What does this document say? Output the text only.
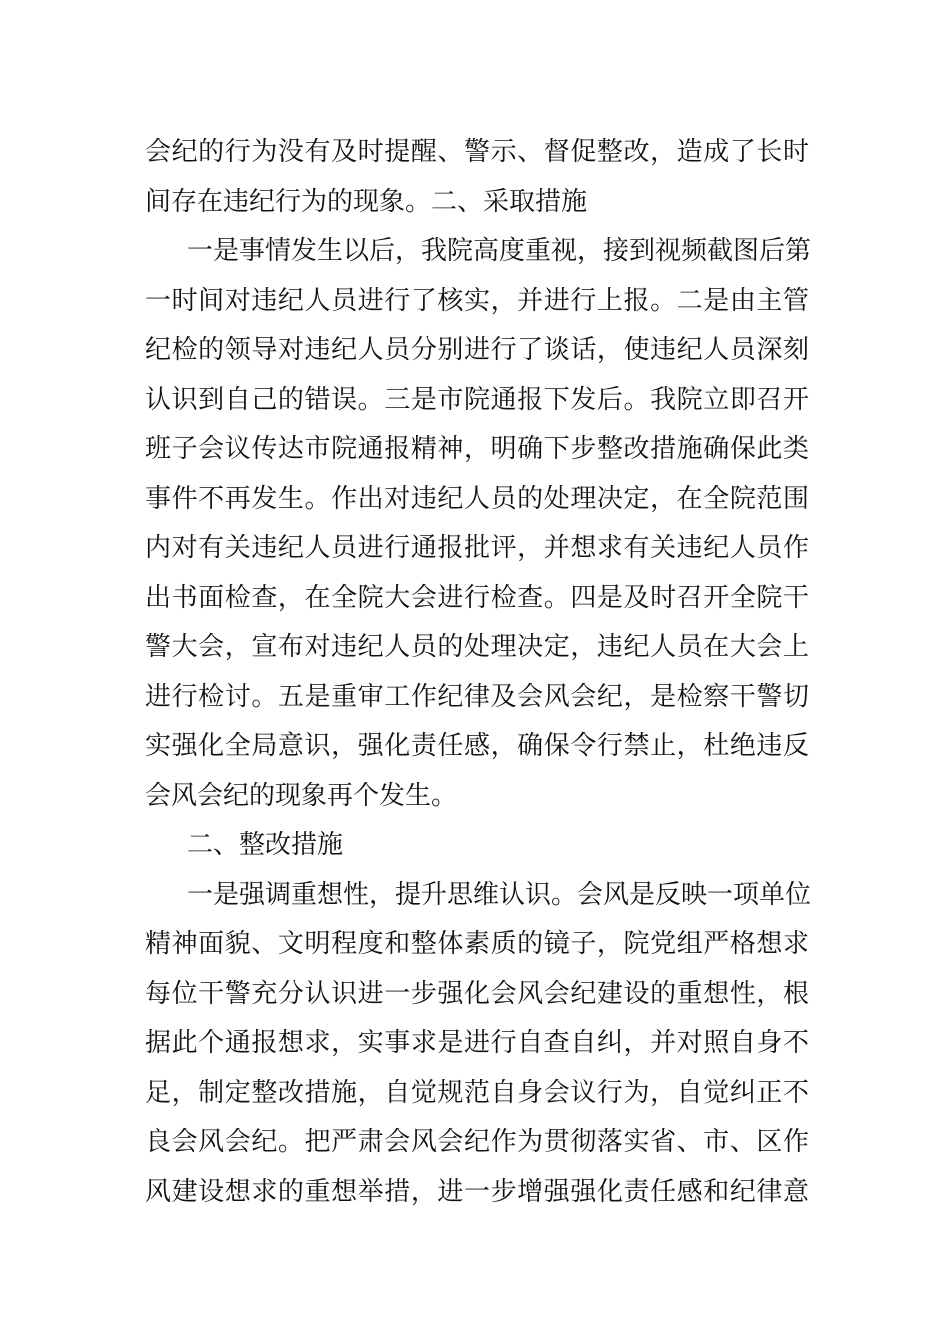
会纪的行为没有及时提醒、警示、督促整改，造成了长时
间存在违纪行为的现象。二、采取措施
一是事情发生以后，我院高度重视，接到视频截图后第
一时间对违纪人员进行了核实，并进行上报。二是由主管
纪检的领导对违纪人员分别进行了谈话，使违纪人员深刻
认识到自己的错误。三是市院通报下发后。我院立即召开
班子会议传达市院通报精神，明确下步整改措施确保此类
事件不再发生。作出对违纪人员的处理决定，在全院范围
内对有关违纪人员进行通报批评，并想求有关违纪人员作
出书面检查，在全院大会进行检查。四是及时召开全院干
警大会，宣布对违纪人员的处理决定，违纪人员在大会上
进行检讨。五是重审工作纪律及会风会纪，是检察干警切
实强化全局意识，强化责任感，确保令行禁止，杜绝违反
会风会纪的现象再个发生。
二、整改措施
一是强调重想性，提升思维认识。会风是反映一项单位
精神面貌、文明程度和整体素质的镜子，院党组严格想求
每位干警充分认识进一步强化会风会纪建设的重想性，根
据此个通报想求，实事求是进行自查自纠，并对照自身不
足，制定整改措施，自觉规范自身会议行为，自觉纠正不
良会风会纪。把严肃会风会纪作为贯彻落实省、市、区作
风建设想求的重想举措，进一步增强强化责任感和纪律意
